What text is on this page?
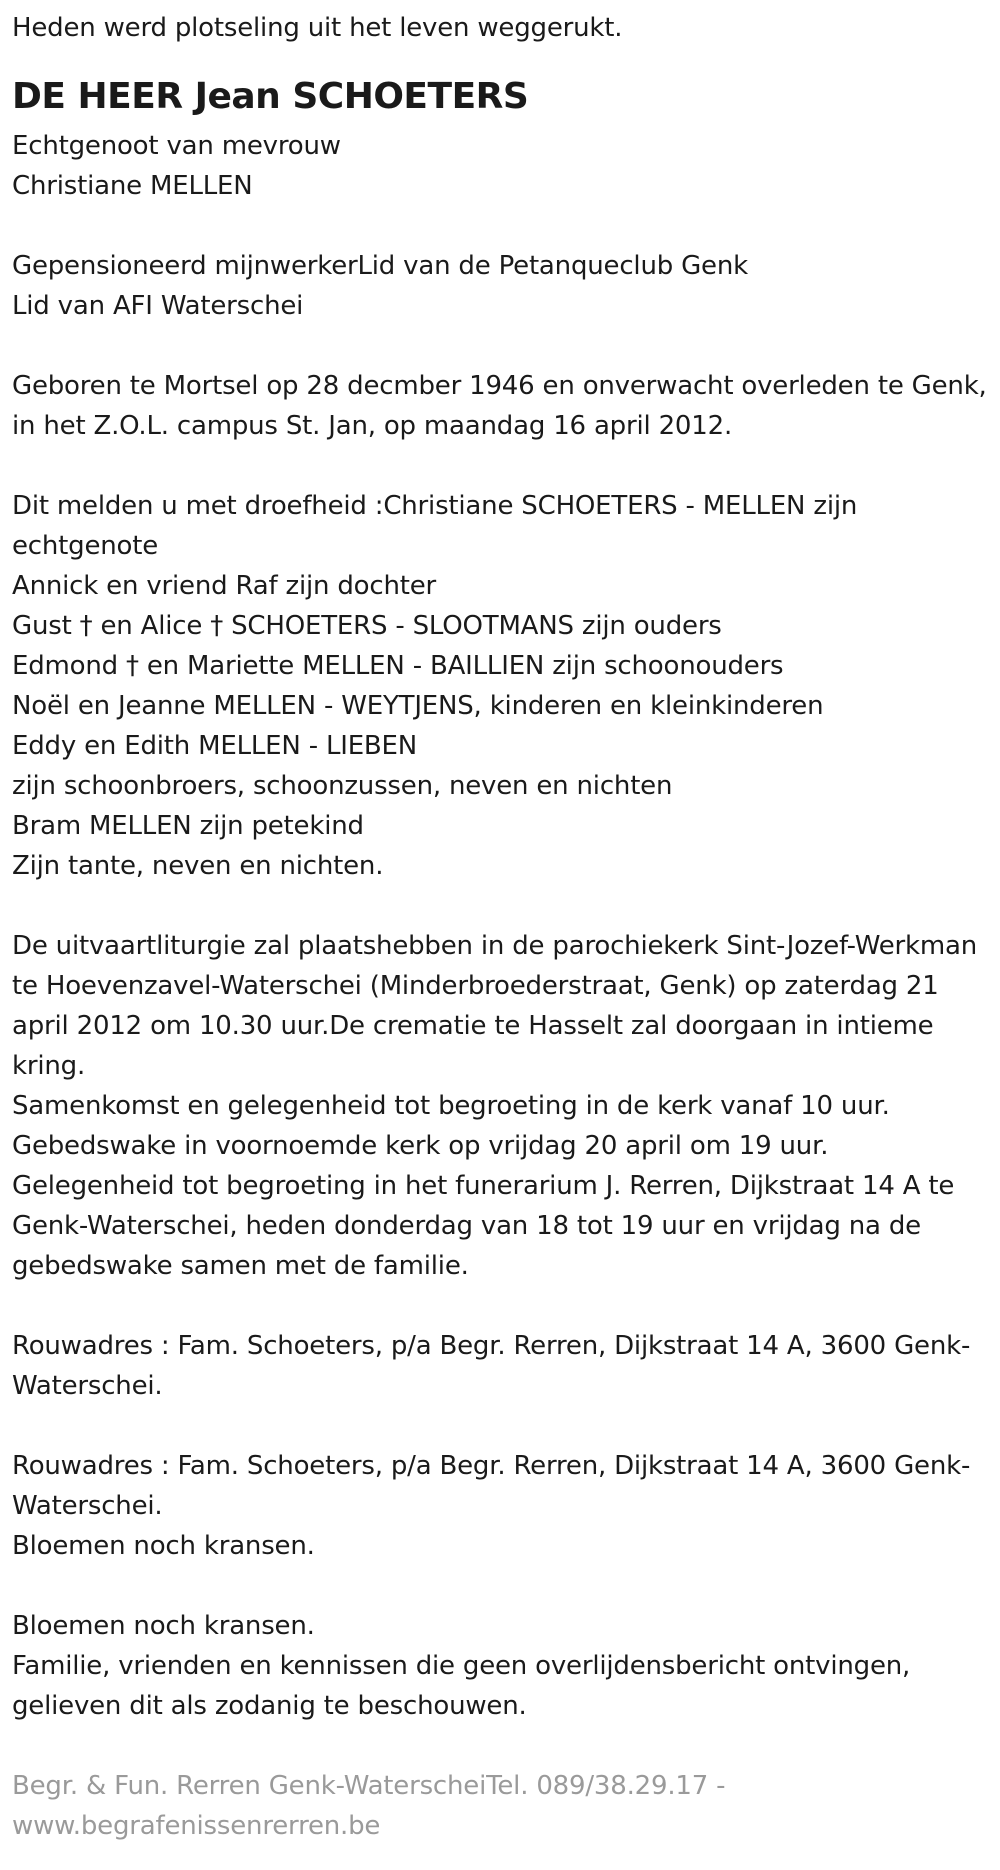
Heden werd plotseling uit het leven weggerukt.
DE HEER Jean SCHOETERS
Echtgenoot van mevrouw
Christiane MELLEN
Gepensioneerd mijnwerkerLid van de Petanqueclub Genk
Lid van AFI Waterschei
Geboren te Mortsel op 28 decmber 1946 en onverwacht overleden te Genk, in het Z.O.L. campus St. Jan, op maandag 16 april 2012.
Dit melden u met droefheid :Christiane SCHOETERS - MELLEN zijn echtgenote
Annick en vriend Raf zijn dochter
Gust † en Alice † SCHOETERS - SLOOTMANS zijn ouders
Edmond † en Mariette MELLEN - BAILLIEN zijn schoonouders
Noël en Jeanne MELLEN - WEYTJENS, kinderen en kleinkinderen
Eddy en Edith MELLEN - LIEBEN
zijn schoonbroers, schoonzussen, neven en nichten
Bram MELLEN zijn petekind
Zijn tante, neven en nichten.
De uitvaartliturgie zal plaatshebben in de parochiekerk Sint-Jozef-Werkman te Hoevenzavel-Waterschei (Minderbroederstraat, Genk) op zaterdag 21 april 2012 om 10.30 uur.De crematie te Hasselt zal doorgaan in intieme kring.
Samenkomst en gelegenheid tot begroeting in de kerk vanaf 10 uur.
Gebedswake in voornoemde kerk op vrijdag 20 april om 19 uur.
Gelegenheid tot begroeting in het funerarium J. Rerren, Dijkstraat 14 A te Genk-Waterschei, heden donderdag van 18 tot 19 uur en vrijdag na de gebedswake samen met de familie.
Rouwadres : Fam. Schoeters, p/a Begr. Rerren, Dijkstraat 14 A, 3600 Genk-Waterschei.
Rouwadres : Fam. Schoeters, p/a Begr. Rerren, Dijkstraat 14 A, 3600 Genk-Waterschei.
Bloemen noch kransen.
Bloemen noch kransen.
Familie, vrienden en kennissen die geen overlijdensbericht ontvingen, gelieven dit als zodanig te beschouwen.
Begr. & Fun. Rerren Genk-WaterscheiTel. 089/38.29.17 - www.begrafenissenrerren.be
